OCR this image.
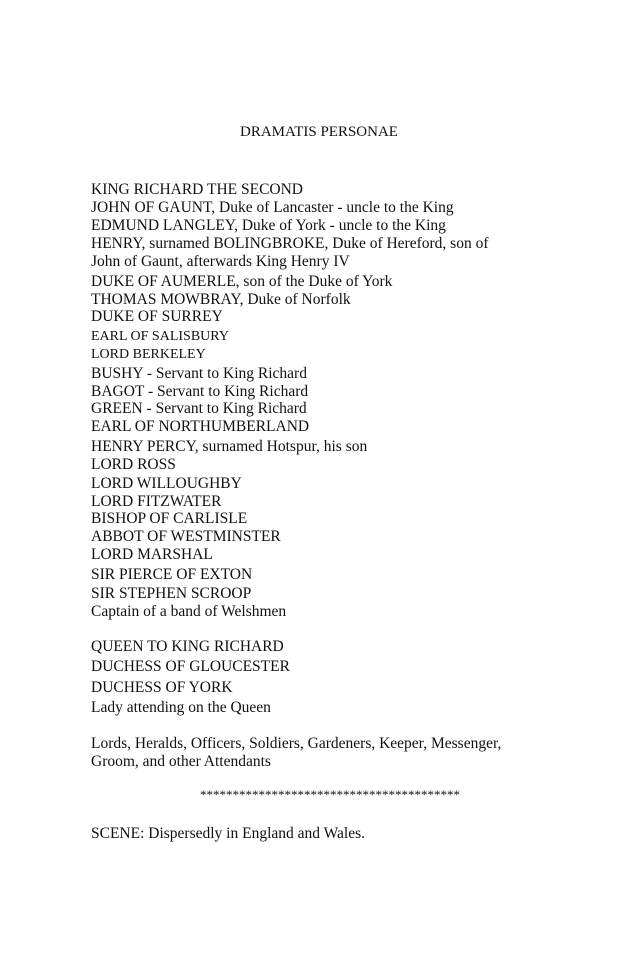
DRAMATIS PERSONAE
KING RICHARD THE SECOND
JOHN OF GAUNT, Duke of Lancaster - uncle to the King
EDMUND LANGLEY, Duke of York - uncle to the King
HENRY, surnamed BOLINGBROKE, Duke of Hereford, son of
John of Gaunt, afterwards King Henry IV
DUKE OF AUMERLE, son of the Duke of York
THOMAS MOWBRAY, Duke of Norfolk
DUKE OF SURREY
EARL OF SALISBURY
LORD BERKELEY
BUSHY - Servant to King Richard
BAGOT - Servant to King Richard
GREEN - Servant to King Richard
EARL OF NORTHUMBERLAND
HENRY PERCY, surnamed Hotspur, his son
LORD ROSS
LORD WILLOUGHBY
LORD FITZWATER
BISHOP OF CARLISLE
ABBOT OF WESTMINSTER
LORD MARSHAL
SIR PIERCE OF EXTON
SIR STEPHEN SCROOP
Captain of a band of Welshmen
QUEEN TO KING RICHARD
DUCHESS OF GLOUCESTER
DUCHESS OF YORK
Lady attending on the Queen
Lords, Heralds, Officers, Soldiers, Gardeners, Keeper, Messenger,
Groom, and other Attendants
****************************************
SCENE: Dispersedly in England and Wales.
